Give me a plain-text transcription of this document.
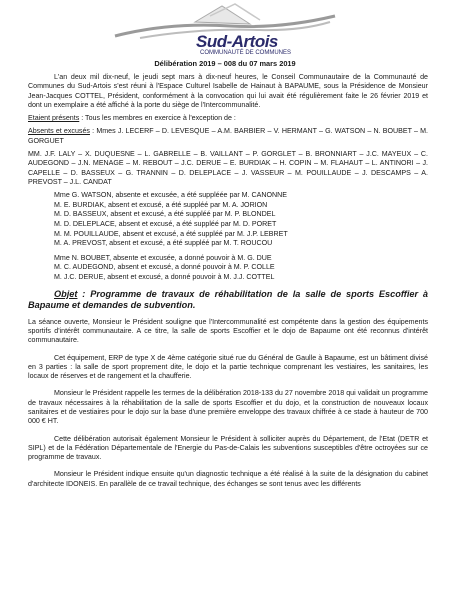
Sud-Artois
COMMUNAUTÉ DE COMMUNES
Délibération 2019 – 008 du 07 mars 2019

L'an deux mil dix-neuf, le jeudi sept mars à dix-neuf heures, le Conseil Communautaire de la Communauté de Communes du Sud-Artois s'est réuni à l'Espace Culturel Isabelle de Hainaut à BAPAUME, sous la Présidence de Monsieur Jean-Jacques COTTEL, Président, conformément à la convocation qui lui avait été régulièrement faite le 26 février 2019 et dont un exemplaire a été affiché à la porte du siège de l'Intercommunalité.

Etaient présents : Tous les membres en exercice à l'exception de :

Absents et excusés : Mmes J. LECERF – D. LEVESQUE – A.M. BARBIER – V. HERMANT – G. WATSON – N. BOUBET – M. GORGUET

MM. J.F. LALY – X. DUQUESNE – L. GABRELLE – B. VAILLANT – P. GORGLET – B. BRONNIART – J.C. MAYEUX – C. AUDEGOND – J.N. MENAGE – M. REBOUT – J.C. DERUE – E. BURDIAK – H. COPIN – M. FLAHAUT – L. ANTINORI – J. CAPELLE – D. BASSEUX – G. TRANNIN – D. DELEPLACE – J. VASSEUR – M. POUILLAUDE – J. DESCAMPS – A. PREVOST – J.L. CANDAT

Mme G. WATSON, absente et excusée, a été suppléée par M. CANONNE
M. E. BURDIAK, absent et excusé, a été suppléé par M. A. JORION
M. D. BASSEUX, absent et excusé, a été suppléé par M. P. BLONDEL
M. D. DELEPLACE, absent et excusé, a été suppléé par M. D. PORET
M. M. POUILLAUDE, absent et excusé, a été suppléé par M. J.P. LEBRET
M. A. PREVOST, absent et excusé, a été suppléé par M. T. ROUCOU
Mme N. BOUBET, absente et excusée, a donné pouvoir à M. G. DUE
M. C. AUDEGOND, absent et excusé, a donné pouvoir à M. P. COLLE
M. J.C. DERUE, absent et excusé, a donné pouvoir à M. J.J. COTTEL

Objet : Programme de travaux de réhabilitation de la salle de sports Escoffier à Bapaume et demandes de subvention.

La séance ouverte, Monsieur le Président souligne que l'Intercommunalité est compétente dans la gestion des équipements sportifs d'intérêt communautaire. A ce titre, la salle de sports Escoffier et le dojo de Bapaume ont été reconnus d'intérêt communautaire.

Cet équipement, ERP de type X de 4ème catégorie situé rue du Général de Gaulle à Bapaume, est un bâtiment divisé en 3 parties : la salle de sport proprement dite, le dojo et la partie technique comprenant les vestiaires, les sanitaires, les locaux de réserves et de rangement et la chaufferie.

Monsieur le Président rappelle les termes de la délibération 2018-133 du 27 novembre 2018 qui validait un programme de travaux nécessaires à la réhabilitation de la salle de sports Escoffier et du dojo, et la construction de nouveaux locaux sanitaires et de vestiaires pour le dojo sur la base d'une première enveloppe des travaux chiffrée à ce stade à hauteur de 700 000 € HT.

Cette délibération autorisait également Monsieur le Président à solliciter auprès du Département, de l'Etat (DETR et SIPL) et de la Fédération Départementale de l'Energie du Pas-de-Calais les subventions susceptibles d'être octroyées sur ce programme de travaux.

Monsieur le Président indique ensuite qu'un diagnostic technique a été réalisé à la suite de la désignation du cabinet d'architecte IDONEIS. En parallèle de ce travail technique, des échanges se sont tenus avec les différents
